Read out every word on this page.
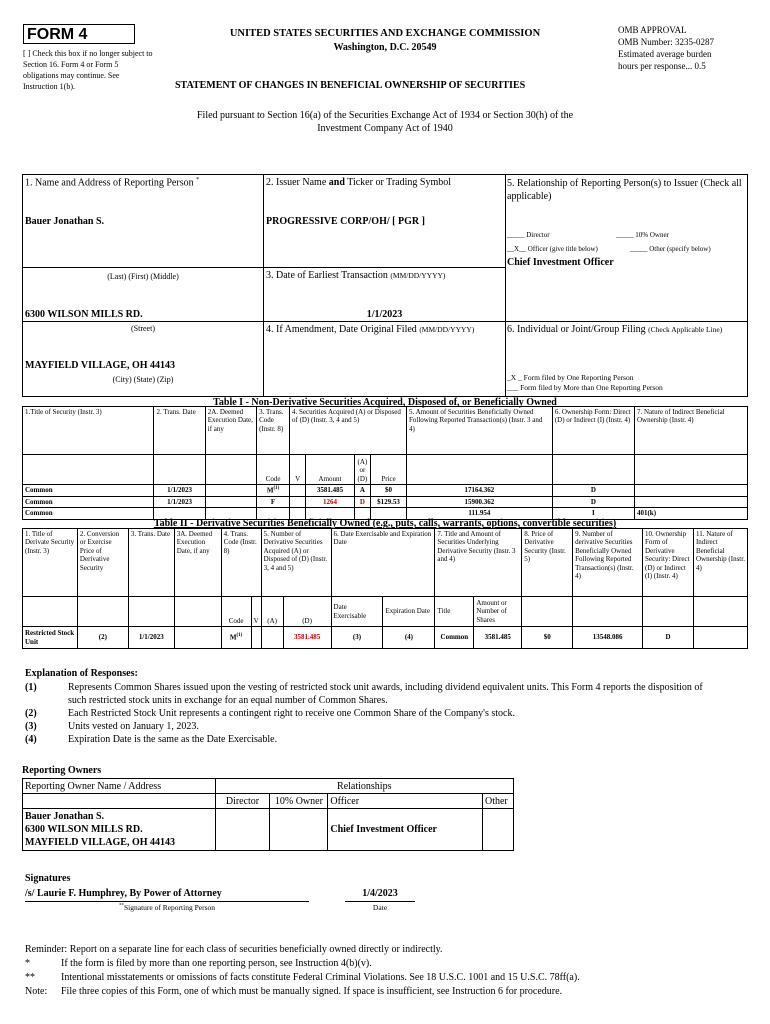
FORM 4
[ ] Check this box if no longer subject to Section 16. Form 4 or Form 5 obligations may continue. See Instruction 1(b).
UNITED STATES SECURITIES AND EXCHANGE COMMISSION
Washington, D.C. 20549
STATEMENT OF CHANGES IN BENEFICIAL OWNERSHIP OF SECURITIES
OMB APPROVAL
OMB Number: 3235-0287
Estimated average burden
hours per response... 0.5
Filed pursuant to Section 16(a) of the Securities Exchange Act of 1934 or Section 30(h) of the
Investment Company Act of 1940
1. Name and Address of Reporting Person *
Bauer Jonathan S.
(Last) (First) (Middle)
6300 WILSON MILLS RD.
(Street)
MAYFIELD VILLAGE, OH 44143
(City) (State) (Zip)
2. Issuer Name and Ticker or Trading Symbol
PROGRESSIVE CORP/OH/ [ PGR ]
3. Date of Earliest Transaction (MM/DD/YYYY)
1/1/2023
4. If Amendment, Date Original Filed (MM/DD/YYYY)
5. Relationship of Reporting Person(s) to Issuer (Check all applicable)
_____ Director	_____ 10% Owner
__X__ Officer (give title below)	_____ Other (specify below)
Chief Investment Officer
6. Individual or Joint/Group Filing (Check Applicable Line)
_X _ Form filed by One Reporting Person
___ Form filed by More than One Reporting Person
Table I - Non-Derivative Securities Acquired, Disposed of, or Beneficially Owned
1.Title of Security (Instr. 3)	2. Trans. Date	2A. Deemed Execution Date, if any	3. Trans. Code (Instr. 8)	4. Securities Acquired (A) or Disposed of (D) (Instr. 3, 4 and 5)				5. Amount of Securities Beneficially Owned Following Reported Transaction(s) (Instr. 3 and 4)	6. Ownership Form: Direct (D) or Indirect (I) (Instr. 4)	7. Nature of Indirect Beneficial Ownership (Instr. 4)
			Code	V	Amount	(A) or (D)	Price			
Common	1/1/2023		$M^{(1)}$		3581.485	A	$0	17164.362	D	
Common	1/1/2023		F		1264	D	$129.53	15900.362	D	
Common								111.954	I	401(k)
Table II - Derivative Securities Beneficially Owned (e.g., puts, calls, warrants, options, convertible securities)
1. Title of Derivate Security (Instr. 3)	2. Conversion or Exercise Price of Derivative Security	3. Trans. Date	3A. Deemed Execution Date, if any	4. Trans. Code (Instr. 8)		5. Number of Derivative Securities Acquired (A) or Disposed of (D) (Instr. 3, 4 and 5)		6. Date Exercisable and Expiration Date		7. Title and Amount of Securities Underlying Derivative Security (Instr. 3 and 4)		8. Price of Derivative Security (Instr. 5)	9. Number of derivative Securities Beneficially Owned Following Reported Transaction(s) (Instr. 4)	10. Ownership Form of Derivative Security: Direct (D) or Indirect (I) (Instr. 4)	11. Nature of Indirect Beneficial Ownership (Instr. 4)
				Code	V	(A)	(D)	Date Exercisable	Expiration Date	Title	Amount or Number of Shares				
Restricted Stock Unit	(2)	1/1/2023		$M^{(1)}$			3581.485	(3)	(4)	Common	3581.485	$0	13548.086	D	
Explanation of Responses:
(1)	Represents Common Shares issued upon the vesting of restricted stock unit awards, including dividend equivalent units. This Form 4 reports the disposition of such restricted stock units in exchange for an equal number of Common Shares.
(2)	Each Restricted Stock Unit represents a contingent right to receive one Common Share of the Company's stock.
(3)	Units vested on January 1, 2023.
(4)	Expiration Date is the same as the Date Exercisable.
Reporting Owners
Reporting Owner Name / Address	Relationships			
	Director	10% Owner	Officer	Other

Bauer Jonathan S.
6300 WILSON MILLS RD.
MAYFIELD VILLAGE, OH 44143			Chief Investment Officer	
Signatures
/s/ Laurie F. Humphrey, By Power of Attorney
**Signature of Reporting Person
1/4/2023
Date
Reminder: Report on a separate line for each class of securities beneficially owned directly or indirectly.
*	If the form is filed by more than one reporting person, see Instruction 4(b)(v).
**	Intentional misstatements or omissions of facts constitute Federal Criminal Violations. See 18 U.S.C. 1001 and 15 U.S.C. 78ff(a).
Note:	File three copies of this Form, one of which must be manually signed. If space is insufficient, see Instruction 6 for procedure.
